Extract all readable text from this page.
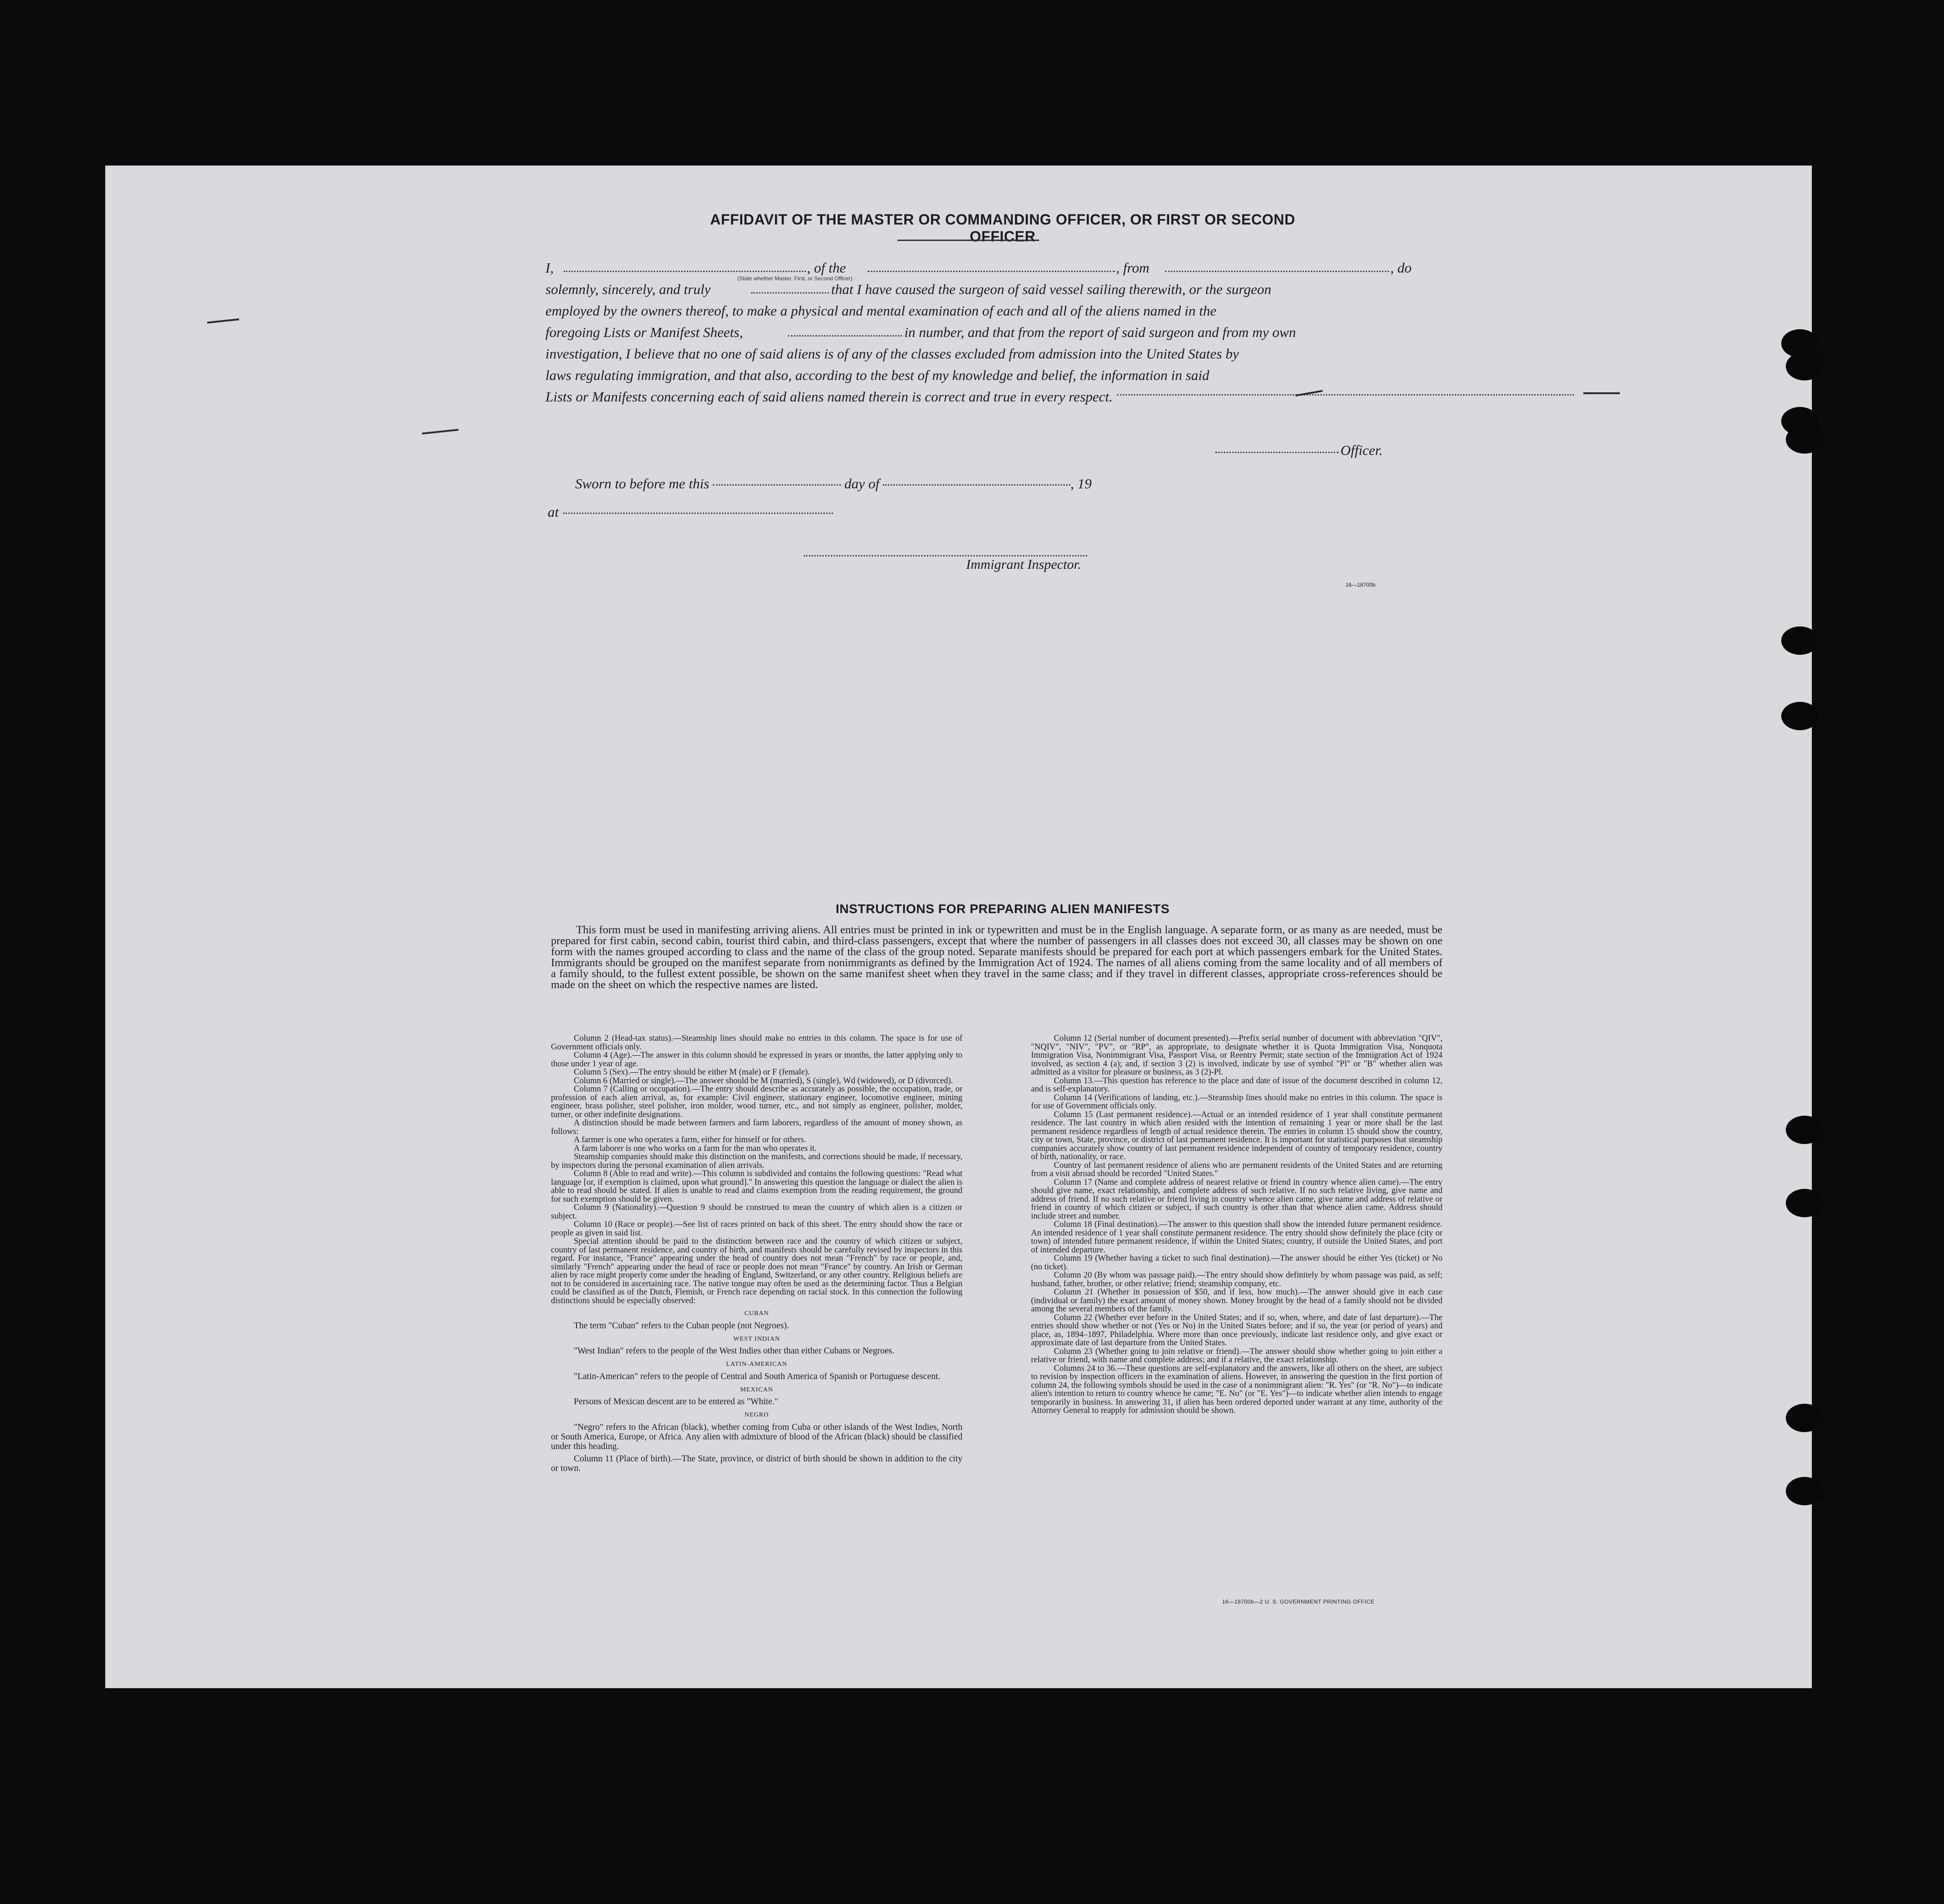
AFFIDAVIT OF THE MASTER OR COMMANDING OFFICER, OR FIRST OR SECOND OFFICER
I,	, of the	, from	, do
solemnly, sincerely, and truly	that I have caused the surgeon of said vessel sailing therewith, or the surgeon
employed by the owners thereof, to make a physical and mental examination of each and all of the aliens named in the
foregoing Lists or Manifest Sheets,	in number, and that from the report of said surgeon and from my own
investigation, I believe that no one of said aliens is of any of the classes excluded from admission into the United States by
laws regulating immigration, and that also, according to the best of my knowledge and belief, the information in said
Lists or Manifests concerning each of said aliens named therein is correct and true in every respect.
(State whether Master, First, or Second Officer)
Officer.
Sworn to before me this	day of	, 19
at
Immigrant Inspector.
16—18700b
INSTRUCTIONS FOR PREPARING ALIEN MANIFESTS

This form must be used in manifesting arriving aliens. All entries must be printed in ink or typewritten and must be in the English language. A separate form, or as many as are needed, must be prepared for first cabin, second cabin, tourist third cabin, and third-class passengers, except that where the number of passengers in all classes does not exceed 30, all classes may be shown on one form with the names grouped according to class and the name of the class of the group noted. Separate manifests should be prepared for each port at which passengers embark for the United States. Immigrants should be grouped on the manifest separate from nonimmigrants as defined by the Immigration Act of 1924. The names of all aliens coming from the same locality and of all members of a family should, to the fullest extent possible, be shown on the same manifest sheet when they travel in the same class; and if they travel in different classes, appropriate cross-references should be made on the sheet on which the respective names are listed.

Column 2 (Head-tax status).—Steamship lines should make no entries in this column. The space is for use of Government officials only.

Column 4 (Age).—The answer in this column should be expressed in years or months, the latter applying only to those under 1 year of age.

Column 5 (Sex).—The entry should be either M (male) or F (female).

Column 6 (Married or single).—The answer should be M (married), S (single), Wd (widowed), or D (divorced).

Column 7 (Calling or occupation).—The entry should describe as accurately as possible, the occupation, trade, or profession of each alien arrival, as, for example: Civil engineer, stationary engineer, locomotive engineer, mining engineer, brass polisher, steel polisher, iron molder, wood turner, etc., and not simply as engineer, polisher, molder, turner, or other indefinite designations.

A distinction should be made between farmers and farm laborers, regardless of the amount of money shown, as follows:

A farmer is one who operates a farm, either for himself or for others.

A farm laborer is one who works on a farm for the man who operates it.

Steamship companies should make this distinction on the manifests, and corrections should be made, if necessary, by inspectors during the personal examination of alien arrivals.

Column 8 (Able to read and write).—This column is subdivided and contains the following questions: "Read what language [or, if exemption is claimed, upon what ground]." In answering this question the language or dialect the alien is able to read should be stated. If alien is unable to read and claims exemption from the reading requirement, the ground for such exemption should be given.

Column 9 (Nationality).—Question 9 should be construed to mean the country of which alien is a citizen or subject.

Column 10 (Race or people).—See list of races printed on back of this sheet. The entry should show the race or people as given in said list.

Special attention should be paid to the distinction between race and the country of which citizen or subject, country of last permanent residence, and country of birth, and manifests should be carefully revised by inspectors in this regard. For instance, "France" appearing under the head of country does not mean "French" by race or people, and, similarly "French" appearing under the head of race or people does not mean "France" by country. An Irish or German alien by race might properly come under the heading of England, Switzerland, or any other country. Religious beliefs are not to be considered in ascertaining race. The native tongue may often be used as the determining factor. Thus a Belgian could be classified as of the Dutch, Flemish, or French race depending on racial stock. In this connection the following distinctions should be especially observed:

CUBAN

The term "Cuban" refers to the Cuban people (not Negroes).

WEST INDIAN

"West Indian" refers to the people of the West Indies other than either Cubans or Negroes.

LATIN-AMERICAN

"Latin-American" refers to the people of Central and South America of Spanish or Portuguese descent.

MEXICAN

Persons of Mexican descent are to be entered as "White."

NEGRO

"Negro" refers to the African (black), whether coming from Cuba or other islands of the West Indies, North or South America, Europe, or Africa. Any alien with admixture of blood of the African (black) should be classified under this heading.

Column 11 (Place of birth).—The State, province, or district of birth should be shown in addition to the city or town.

Column 12 (Serial number of document presented).—Prefix serial number of document with abbreviation "QIV", "NQIV", "NIV", "PV", or "RP", as appropriate, to designate whether it is Quota Immigration Visa, Nonquota Immigration Visa, Nonimmigrant Visa, Passport Visa, or Reentry Permit; state section of the Immigration Act of 1924 involved, as section 4 (a); and, if section 3 (2) is involved, indicate by use of symbol "Pl" or "B" whether alien was admitted as a visitor for pleasure or business, as 3 (2)-Pl.

Column 13.—This question has reference to the place and date of issue of the document described in column 12, and is self-explanatory.

Column 14 (Verifications of landing, etc.).—Steamship lines should make no entries in this column. The space is for use of Government officials only.

Column 15 (Last permanent residence).—Actual or an intended residence of 1 year shall constitute permanent residence. The last country in which alien resided with the intention of remaining 1 year or more shall be the last permanent residence regardless of length of actual residence therein. The entries in column 15 should show the country, city or town, State, province, or district of last permanent residence. It is important for statistical purposes that steamship companies accurately show country of last permanent residence independent of country of temporary residence, country of birth, nationality, or race.

Country of last permanent residence of aliens who are permanent residents of the United States and are returning from a visit abroad should be recorded "United States."

Column 17 (Name and complete address of nearest relative or friend in country whence alien came).—The entry should give name, exact relationship, and complete address of such relative. If no such relative living, give name and address of friend. If no such relative or friend living in country whence alien came, give name and address of relative or friend in country of which citizen or subject, if such country is other than that whence alien came. Address should include street and number.

Column 18 (Final destination).—The answer to this question shall show the intended future permanent residence. An intended residence of 1 year shall constitute permanent residence. The entry should show definitely the place (city or town) of intended future permanent residence, if within the United States; country, if outside the United States, and port of intended departure.

Column 19 (Whether having a ticket to such final destination).—The answer should be either Yes (ticket) or No (no ticket).

Column 20 (By whom was passage paid).—The entry should show definitely by whom passage was paid, as self; husband, father, brother, or other relative; friend; steamship company, etc.

Column 21 (Whether in possession of $50, and if less, how much).—The answer should give in each case (individual or family) the exact amount of money shown. Money brought by the head of a family should not be divided among the several members of the family.

Column 22 (Whether ever before in the United States; and if so, when, where, and date of last departure).—The entries should show whether or not (Yes or No) in the United States before; and if so, the year (or period of years) and place, as, 1894–1897, Philadelphia. Where more than once previously, indicate last residence only, and give exact or approximate date of last departure from the United States.

Column 23 (Whether going to join relative or friend).—The answer should show whether going to join either a relative or friend, with name and complete address; and if a relative, the exact relationship.

Columns 24 to 36.—These questions are self-explanatory and the answers, like all others on the sheet, are subject to revision by inspection officers in the examination of aliens. However, in answering the question in the first portion of column 24, the following symbols should be used in the case of a nonimmigrant alien: "R. Yes" (or "R. No")—to indicate alien's intention to return to country whence he came; "E. No" (or "E. Yes")—to indicate whether alien intends to engage temporarily in business. In answering 31, if alien has been ordered deported under warrant at any time, authority of the Attorney General to reapply for admission should be shown.

16—18700b—2 U. S. GOVERNMENT PRINTING OFFICE
